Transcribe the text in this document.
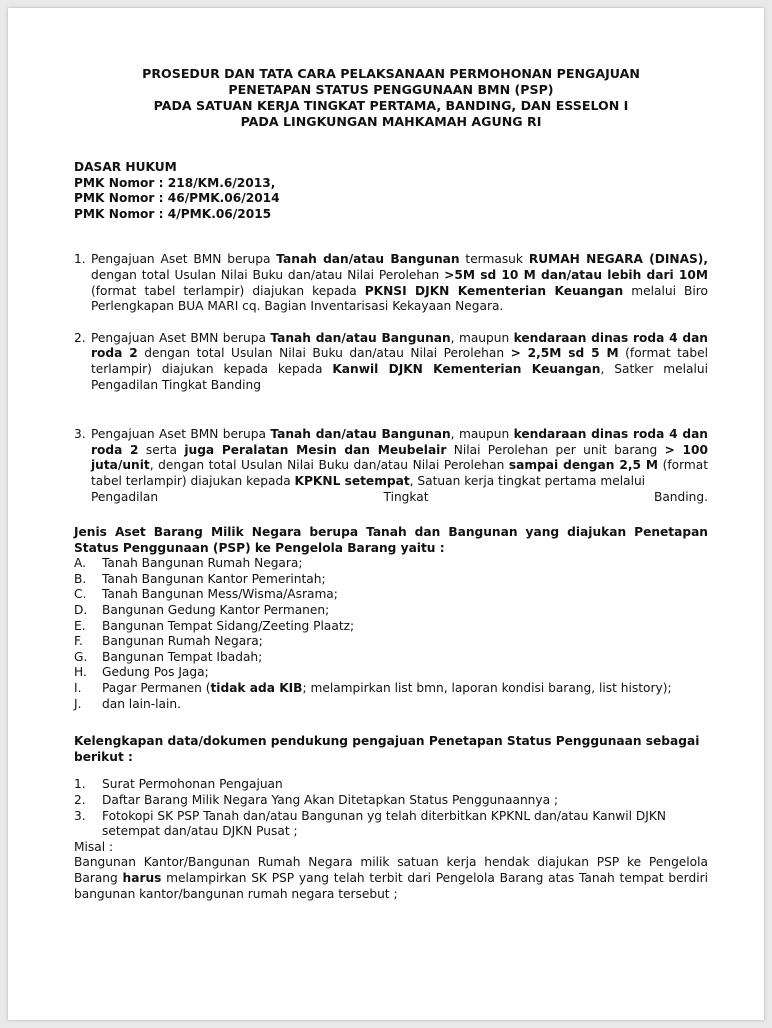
PROSEDUR DAN TATA CARA PELAKSANAAN PERMOHONAN PENGAJUAN
PENETAPAN STATUS PENGGUNAAN BMN (PSP)
PADA SATUAN KERJA TINGKAT PERTAMA, BANDING, DAN ESSELON I
PADA LINGKUNGAN MAHKAMAH AGUNG RI
DASAR HUKUM
PMK Nomor : 218/KM.6/2013,
PMK Nomor : 46/PMK.06/2014
PMK Nomor : 4/PMK.06/2015
1. Pengajuan Aset BMN berupa Tanah dan/atau Bangunan termasuk RUMAH NEGARA (DINAS), dengan total Usulan Nilai Buku dan/atau Nilai Perolehan >5M sd 10 M dan/atau lebih dari 10M (format tabel terlampir) diajukan kepada PKNSI DJKN Kementerian Keuangan melalui Biro Perlengkapan BUA MARI cq. Bagian Inventarisasi Kekayaan Negara.
2. Pengajuan Aset BMN berupa Tanah dan/atau Bangunan, maupun kendaraan dinas roda 4 dan roda 2 dengan total Usulan Nilai Buku dan/atau Nilai Perolehan > 2,5M sd 5 M (format tabel terlampir) diajukan kepada kepada Kanwil DJKN Kementerian Keuangan, Satker melalui Pengadilan Tingkat Banding
3. Pengajuan Aset BMN berupa Tanah dan/atau Bangunan, maupun kendaraan dinas roda 4 dan roda 2 serta juga Peralatan Mesin dan Meubelair Nilai Perolehan per unit barang > 100 juta/unit, dengan total Usulan Nilai Buku dan/atau Nilai Perolehan sampai dengan 2,5 M (format tabel terlampir) diajukan kepada KPKNL setempat, Satuan kerja tingkat pertama melalui
Pengadilan	Tingkat	Banding.
Jenis Aset Barang Milik Negara berupa Tanah dan Bangunan yang diajukan Penetapan Status Penggunaan (PSP) ke Pengelola Barang yaitu :
A. Tanah Bangunan Rumah Negara;
B. Tanah Bangunan Kantor Pemerintah;
C. Tanah Bangunan Mess/Wisma/Asrama;
D. Bangunan Gedung Kantor Permanen;
E. Bangunan Tempat Sidang/Zeeting Plaatz;
F. Bangunan Rumah Negara;
G. Bangunan Tempat Ibadah;
H. Gedung Pos Jaga;
I. Pagar Permanen (tidak ada KIB; melampirkan list bmn, laporan kondisi barang, list history);
J. dan lain-lain.
Kelengkapan data/dokumen pendukung pengajuan Penetapan Status Penggunaan sebagai berikut :
1. Surat Permohonan Pengajuan
2. Daftar Barang Milik Negara Yang Akan Ditetapkan Status Penggunaannya ;
3. Fotokopi SK PSP Tanah dan/atau Bangunan yg telah diterbitkan KPKNL dan/atau Kanwil DJKN setempat dan/atau DJKN Pusat ;
Misal :
Bangunan Kantor/Bangunan Rumah Negara milik satuan kerja hendak diajukan PSP ke Pengelola Barang harus melampirkan SK PSP yang telah terbit dari Pengelola Barang atas Tanah tempat berdiri bangunan kantor/bangunan rumah negara tersebut ;
